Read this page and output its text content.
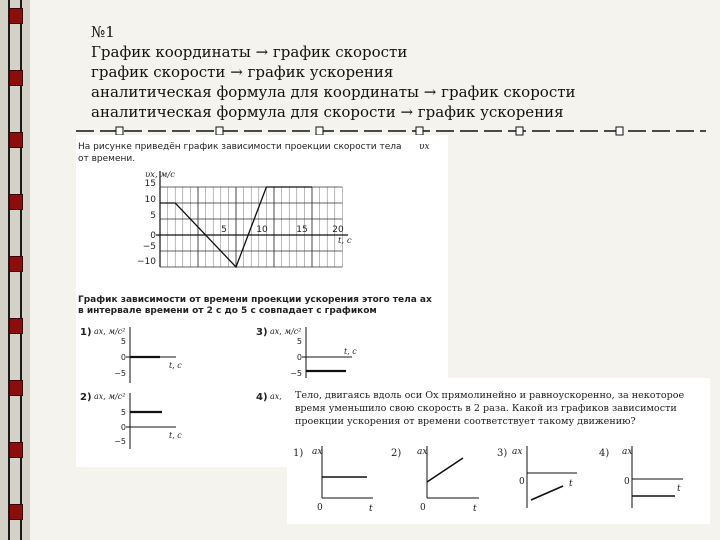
№1
График координаты → график скорости
график скорости → график ускорения
аналитическая формула для координаты → график скорости
аналитическая формула для скорости → график ускорения
На рисунке приведён график зависимости проекции скорости тела υx
от времени.
υx, м/с
t, с
15
10
5
0
−5
−10
5	10	15	20
График зависимости от времени проекции ускорения этого тела ax
в интервале времени от 2 с до 5 с совпадает с графиком
1) ax, м/с²
5
0
−5
t, с
3) ax, м/с²
5
0
−5
t, с
2) ax, м/с²
5
0
−5
t, с
4) ax, Тело, двигаясь вдоль оси Ox прямолинейно и равноускоренно, за некоторое
время уменьшило свою скорость в 2 раза. Какой из графиков зависимости
проекции ускорения от времени соответствует такому движению?
1) ax
0	t
2) ax
0	t
3) ax
0	t
4) ax
0
t
